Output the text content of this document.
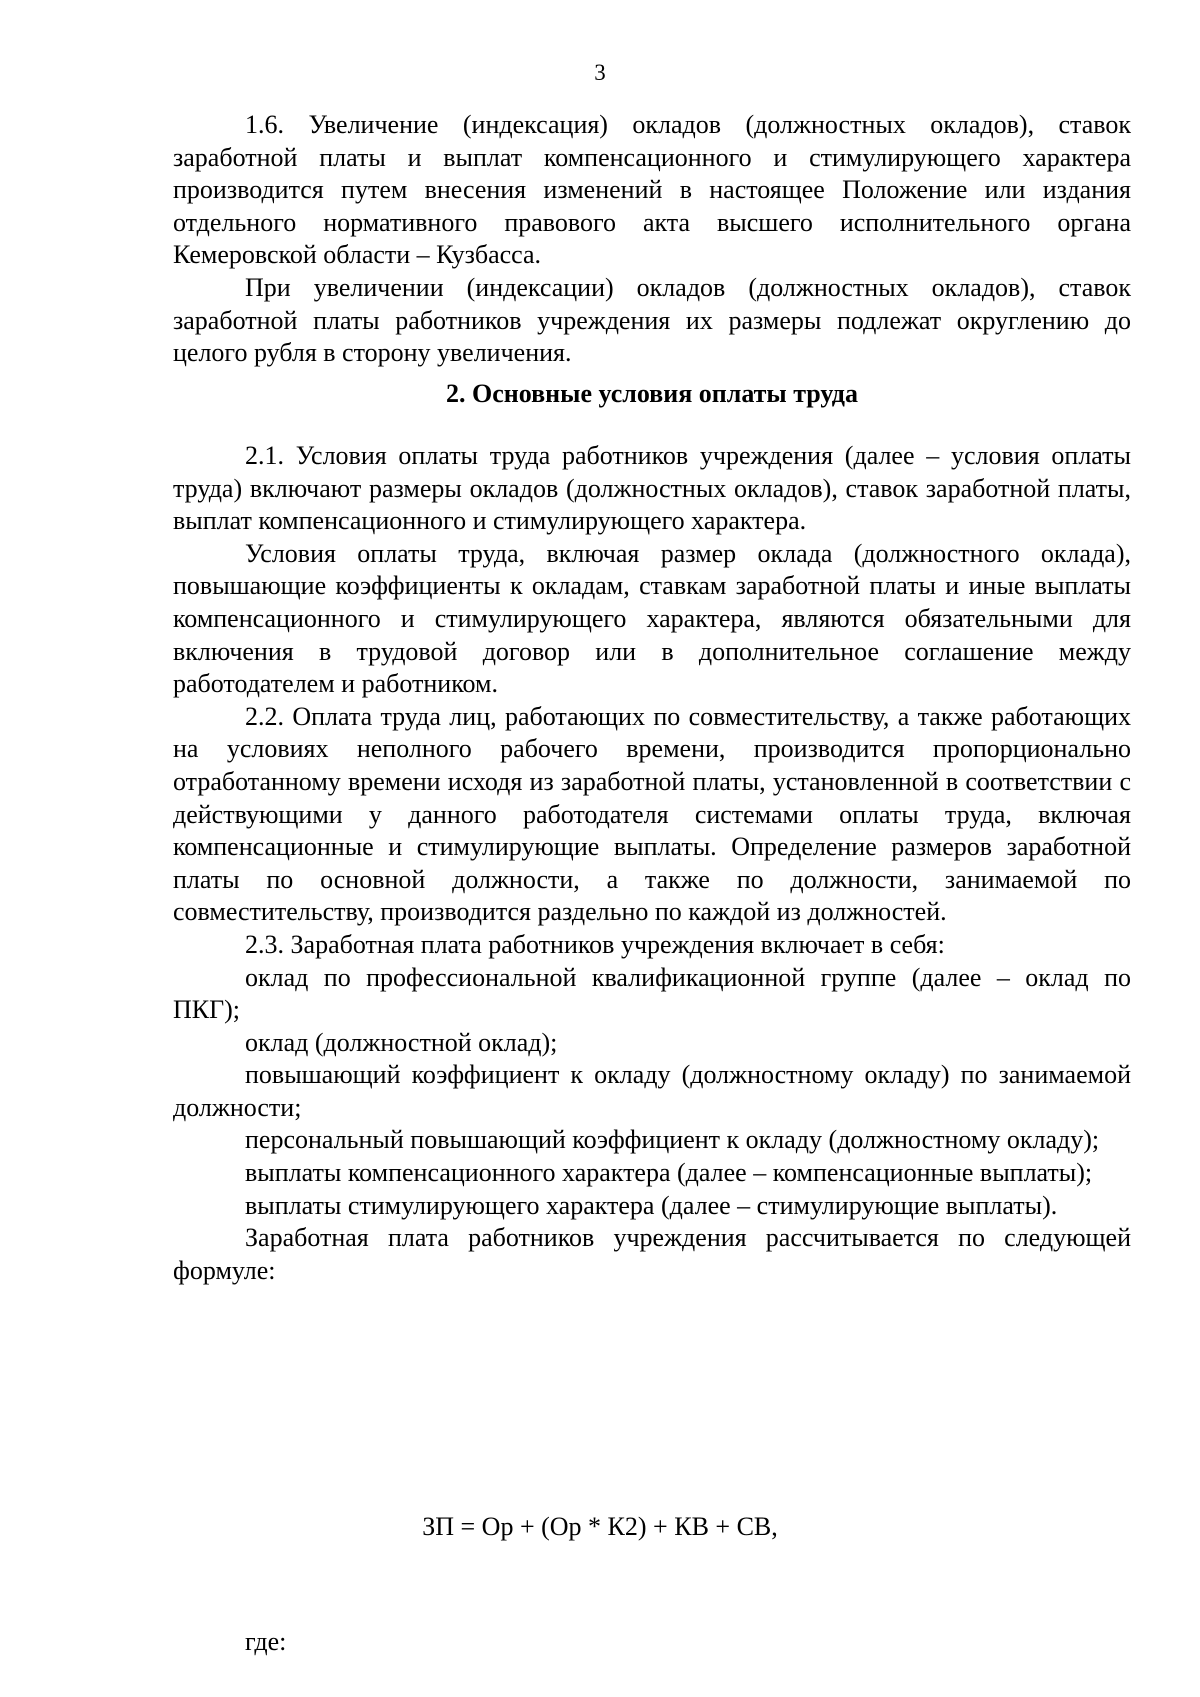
3

1.6. Увеличение (индексация) окладов (должностных окладов), ставок заработной платы и выплат компенсационного и стимулирующего характера производится путем внесения изменений в настоящее Положение или издания отдельного нормативного правового акта высшего исполнительного органа Кемеровской области – Кузбасса.

При увеличении (индексации) окладов (должностных окладов), ставок заработной платы работников учреждения их размеры подлежат округлению до целого рубля в сторону увеличения.

2. Основные условия оплаты труда

2.1. Условия оплаты труда работников учреждения (далее – условия оплаты труда) включают размеры окладов (должностных окладов), ставок заработной платы, выплат компенсационного и стимулирующего характера.

Условия оплаты труда, включая размер оклада (должностного оклада), повышающие коэффициенты к окладам, ставкам заработной платы и иные выплаты компенсационного и стимулирующего характера, являются обязательными для включения в трудовой договор или в дополнительное соглашение между работодателем и работником.

2.2. Оплата труда лиц, работающих по совместительству, а также работающих на условиях неполного рабочего времени, производится пропорционально отработанному времени исходя из заработной платы, установленной в соответствии с действующими у данного работодателя системами оплаты труда, включая компенсационные и стимулирующие выплаты. Определение размеров заработной платы по основной должности, а также по должности, занимаемой по совместительству, производится раздельно по каждой из должностей.

2.3. Заработная плата работников учреждения включает в себя:

оклад по профессиональной квалификационной группе (далее – оклад по ПКГ);

оклад (должностной оклад);

повышающий коэффициент к окладу (должностному окладу) по занимаемой должности;

персональный повышающий коэффициент к окладу (должностному окладу);

выплаты компенсационного характера (далее – компенсационные выплаты);

выплаты стимулирующего характера (далее – стимулирующие выплаты).

Заработная плата работников учреждения рассчитывается по следующей формуле:

ЗП = Ор + (Ор * К2) + КВ + СВ,

где:
